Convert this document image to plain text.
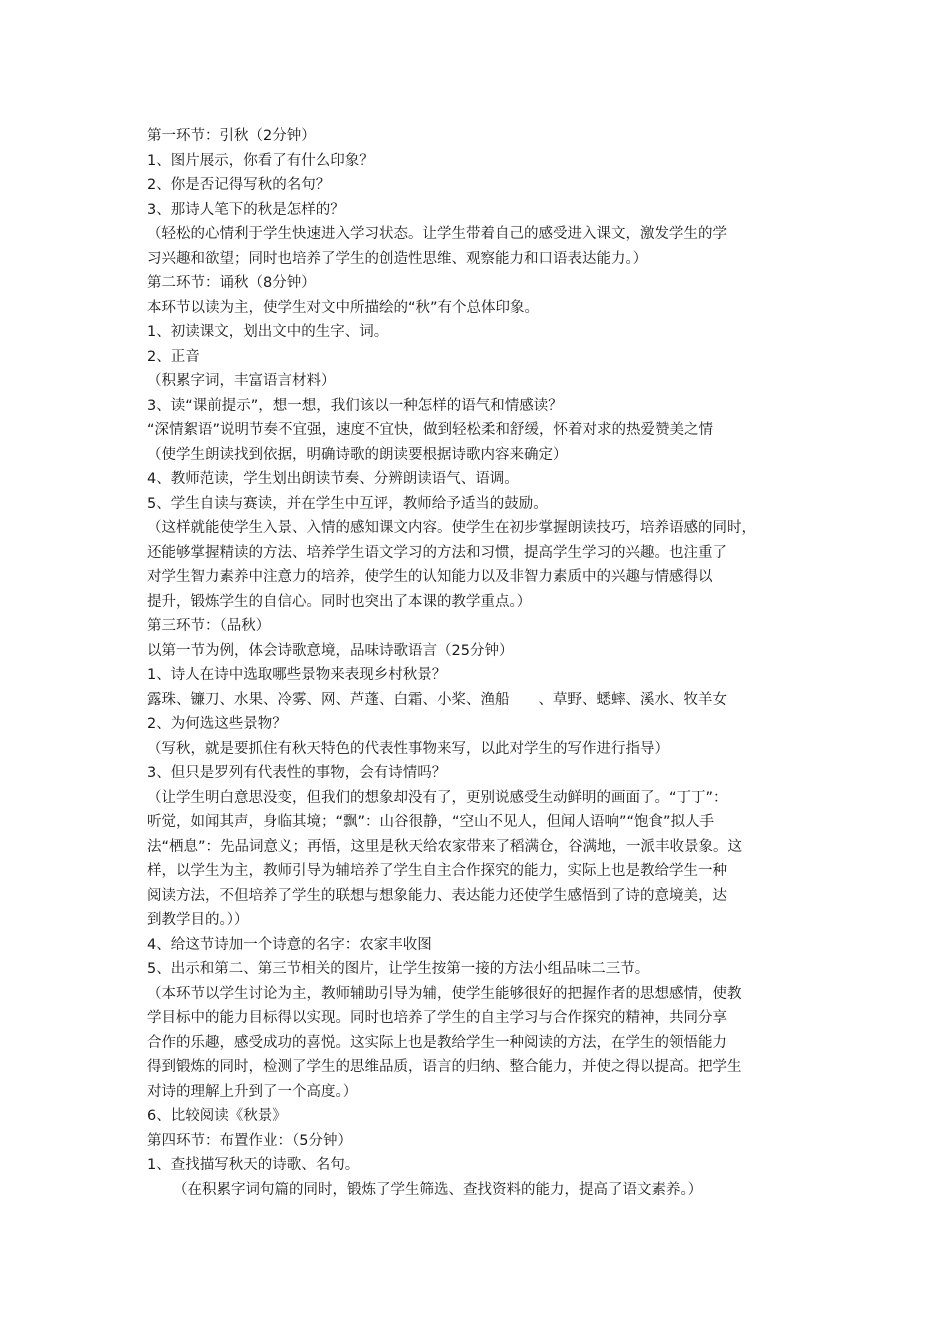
第一环节：引秋（2分钟）
1、图片展示，你看了有什么印象？
2、你是否记得写秋的名句？
3、那诗人笔下的秋是怎样的？
（轻松的心情利于学生快速进入学习状态。让学生带着自己的感受进入课文，激发学生的学
习兴趣和欲望；同时也培养了学生的创造性思维、观察能力和口语表达能力。）
第二环节：诵秋（8分钟）
本环节以读为主，使学生对文中所描绘的“秋”有个总体印象。
1、初读课文，划出文中的生字、词。
2、正音
（积累字词，丰富语言材料）
3、读“课前提示”，想一想，我们该以一种怎样的语气和情感读？
“深情絮语”说明节奏不宜强，速度不宜快，做到轻松柔和舒缓，怀着对求的热爱赞美之情
（使学生朗读找到依据，明确诗歌的朗读要根据诗歌内容来确定）
4、教师范读，学生划出朗读节奏、分辨朗读语气、语调。
5、学生自读与赛读，并在学生中互评，教师给予适当的鼓励。
（这样就能使学生入景、入情的感知课文内容。使学生在初步掌握朗读技巧，培养语感的同时，
还能够掌握精读的方法、培养学生语文学习的方法和习惯，提高学生学习的兴趣。也注重了
对学生智力素养中注意力的培养，使学生的认知能力以及非智力素质中的兴趣与情感得以
提升，锻炼学生的自信心。同时也突出了本课的教学重点。）
第三环节：（品秋）
以第一节为例，体会诗歌意境，品味诗歌语言（25分钟）
1、诗人在诗中选取哪些景物来表现乡村秋景？
露珠、镰刀、水果、冷雾、网、芦蓬、白霜、小桨、渔船　　、草野、蟋蟀、溪水、牧羊女
2、为何选这些景物？
（写秋，就是要抓住有秋天特色的代表性事物来写，以此对学生的写作进行指导）
3、但只是罗列有代表性的事物，会有诗情吗？
（让学生明白意思没变，但我们的想象却没有了，更别说感受生动鲜明的画面了。“丁丁”：
听觉，如闻其声，身临其境；“飘”：山谷很静，“空山不见人，但闻人语响”“饱食”拟人手
法“栖息”：先品词意义；再悟，这里是秋天给农家带来了稻满仓，谷满地，一派丰收景象。这
样，以学生为主，教师引导为辅培养了学生自主合作探究的能力，实际上也是教给学生一种
阅读方法，不但培养了学生的联想与想象能力、表达能力还使学生感悟到了诗的意境美，达
到教学目的。））
4、给这节诗加一个诗意的名字：农家丰收图
5、出示和第二、第三节相关的图片，让学生按第一接的方法小组品味二三节。
（本环节以学生讨论为主，教师辅助引导为辅，使学生能够很好的把握作者的思想感情，使教
学目标中的能力目标得以实现。同时也培养了学生的自主学习与合作探究的精神，共同分享
合作的乐趣，感受成功的喜悦。这实际上也是教给学生一种阅读的方法，在学生的领悟能力
得到锻炼的同时，检测了学生的思维品质，语言的归纳、整合能力，并使之得以提高。把学生
对诗的理解上升到了一个高度。）
6、比较阅读《秋景》
第四环节：布置作业：（5分钟）
1、查找描写秋天的诗歌、名句。
（在积累字词句篇的同时，锻炼了学生筛选、查找资料的能力，提高了语文素养。）
